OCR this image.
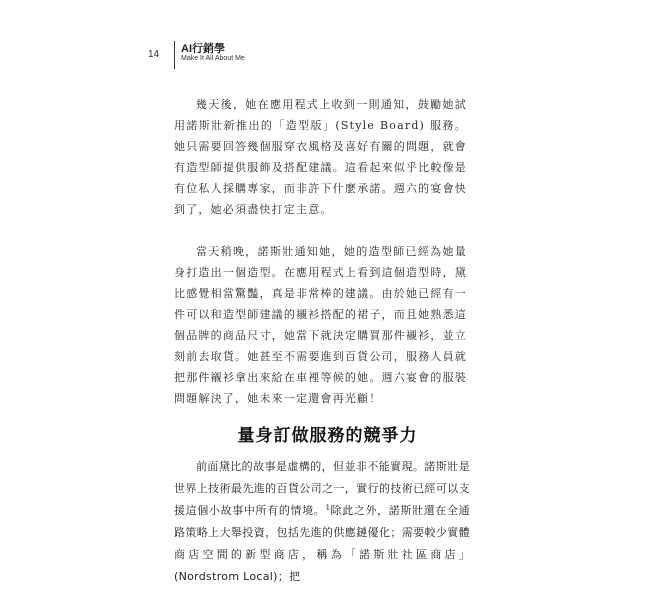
14 AI行銷學
Make It All About Me

幾天後，她在應用程式上收到一則通知，鼓勵她試用諾斯壯新推出的「造型版」(Style Board) 服務。她只需要回答幾個服穿衣風格及喜好有關的問題，就會有造型師提供服飾及搭配建議。這看起來似乎比較像是有位私人採購專家，而非許下什麼承諾。週六的宴會快到了，她必須盡快打定主意。

當天稍晚，諾斯壯通知她，她的造型師已經為她量身打造出一個造型。在應用程式上看到這個造型時，黛比感覺相當驚豔，真是非常棒的建議。由於她已經有一件可以和造型師建議的襯衫搭配的裙子，而且她熟悉這個品牌的商品尺寸，她當下就決定購買那件襯衫，並立刻前去取貨。她甚至不需要進到百貨公司，服務人員就把那件襯衫拿出來給在車裡等候的她。週六宴會的服裝問題解決了，她未來一定還會再光顧！

量身訂做服務的競爭力

前面黛比的故事是虛構的，但並非不能實現。諾斯壯是世界上技術最先進的百貨公司之一，實行的技術已經可以支援這個小故事中所有的情境。$^1$除此之外，諾斯壯還在全通路策略上大舉投資，包括先進的供應鏈優化；需要較少實體商店空間的新型商店，稱為「諾斯壯社區商店」(Nordstrom Local)；把
